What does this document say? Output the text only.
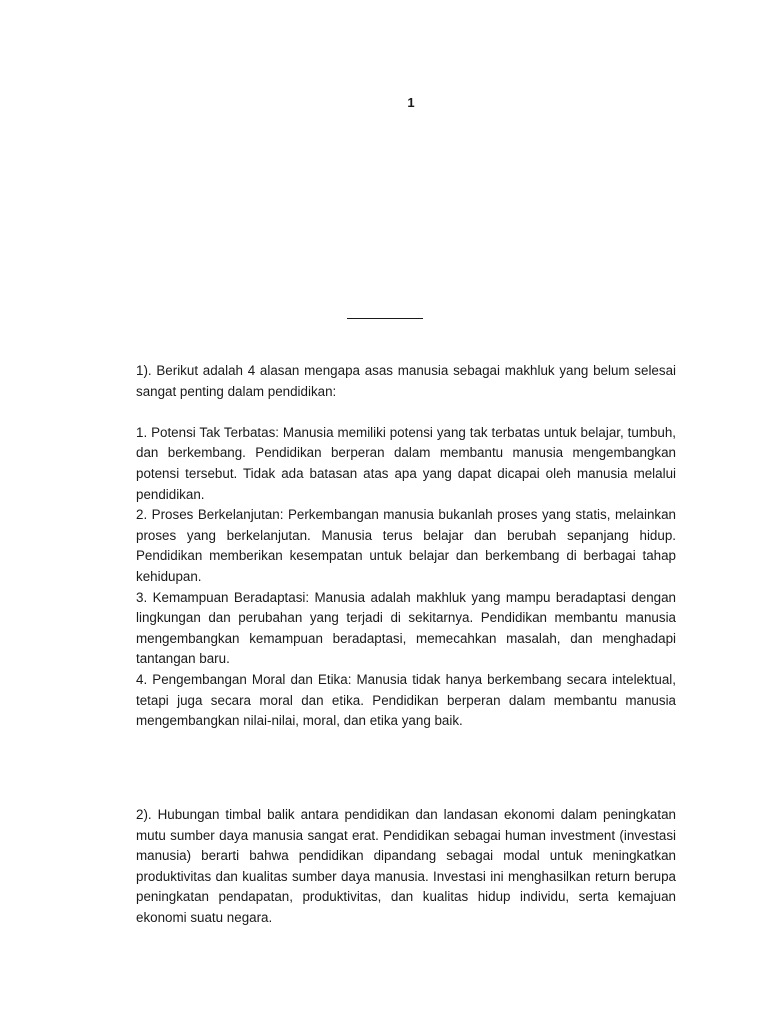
1

1). Berikut adalah 4 alasan mengapa asas manusia sebagai makhluk yang belum selesai sangat penting dalam pendidikan:

1. Potensi Tak Terbatas: Manusia memiliki potensi yang tak terbatas untuk belajar, tumbuh, dan berkembang. Pendidikan berperan dalam membantu manusia mengembangkan potensi tersebut. Tidak ada batasan atas apa yang dapat dicapai oleh manusia melalui pendidikan.

2. Proses Berkelanjutan: Perkembangan manusia bukanlah proses yang statis, melainkan proses yang berkelanjutan. Manusia terus belajar dan berubah sepanjang hidup. Pendidikan memberikan kesempatan untuk belajar dan berkembang di berbagai tahap kehidupan.

3. Kemampuan Beradaptasi: Manusia adalah makhluk yang mampu beradaptasi dengan lingkungan dan perubahan yang terjadi di sekitarnya. Pendidikan membantu manusia mengembangkan kemampuan beradaptasi, memecahkan masalah, dan menghadapi tantangan baru.

4. Pengembangan Moral dan Etika: Manusia tidak hanya berkembang secara intelektual, tetapi juga secara moral dan etika. Pendidikan berperan dalam membantu manusia mengembangkan nilai-nilai, moral, dan etika yang baik.

2). Hubungan timbal balik antara pendidikan dan landasan ekonomi dalam peningkatan mutu sumber daya manusia sangat erat. Pendidikan sebagai human investment (investasi manusia) berarti bahwa pendidikan dipandang sebagai modal untuk meningkatkan produktivitas dan kualitas sumber daya manusia. Investasi ini menghasilkan return berupa peningkatan pendapatan, produktivitas, dan kualitas hidup individu, serta kemajuan ekonomi suatu negara.
